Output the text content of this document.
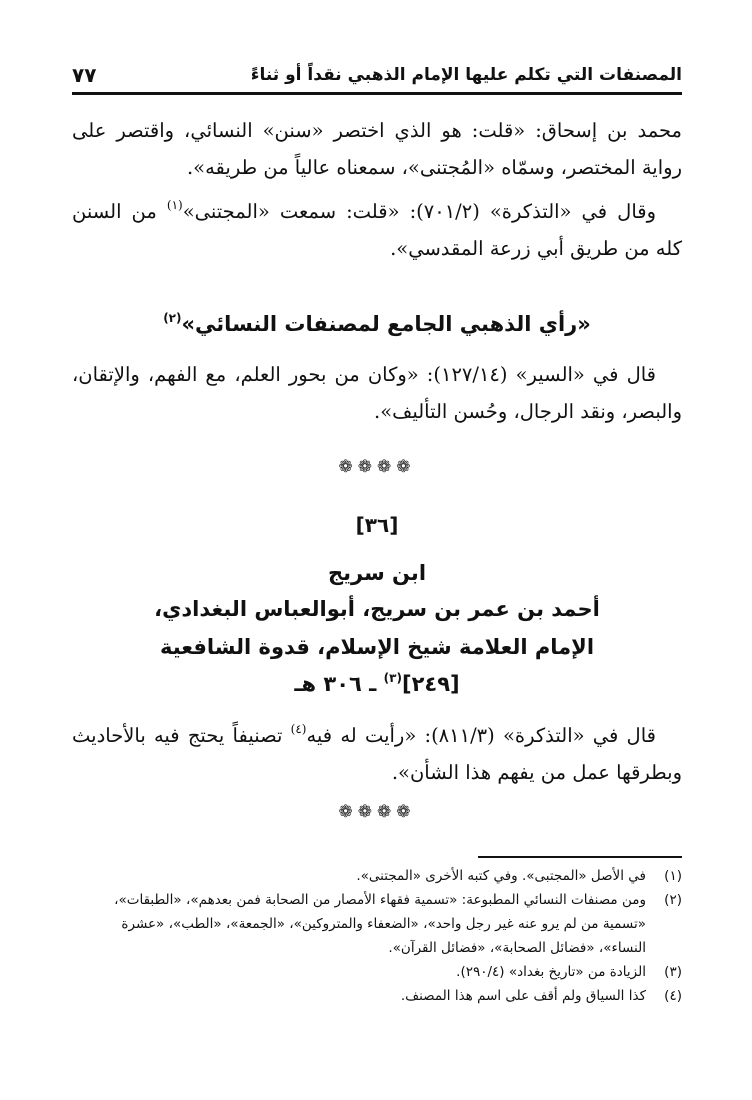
المصنفات التي تكلم عليها الإمام الذهبي نقداً أو ثناءً
٧٧
محمد بن إسحاق: «قلت: هو الذي اختصر «سنن» النسائي، واقتصر على رواية المختصر، وسمّاه «المُجتنى»، سمعناه عالياً من طريقه».
وقال في «التذكرة» (٧٠١/٢): «قلت: سمعت «المجتنى»$^{(١)}$ من السنن كله من طريق أبي زرعة المقدسي».
«رأي الذهبي الجامع لمصنفات النسائي»$^{(٢)}$
قال في «السير» (١٢٧/١٤): «وكان من بحور العلم، مع الفهم، والإتقان، والبصر، ونقد الرجال، وحُسن التأليف».
❁❁❁❁
[٣٦]
ابن سريج
أحمد بن عمر بن سريج، أبوالعباس البغدادي،
الإمام العلامة شيخ الإسلام، قدوة الشافعية
[٢٤٩]$^{(٣)}$ ـ ٣٠٦ هـ
قال في «التذكرة» (٨١١/٣): «رأيت له فيه$^{(٤)}$ تصنيفاً يحتج فيه بالأحاديث وبطرقها عمل من يفهم هذا الشأن».
❁❁❁❁
(١)
في الأصل «المجتبى». وفي كتبه الأخرى «المجتنى».
(٢)
ومن مصنفات النسائي المطبوعة: «تسمية فقهاء الأمصار من الصحابة فمن بعدهم»، «الطبقات»، «تسمية من لم يرو عنه غير رجل واحد»، «الضعفاء والمتروكين»، «الجمعة»، «الطب»، «عشرة النساء»، «فضائل الصحابة»، «فضائل القرآن».
(٣)
الزيادة من «تاريخ بغداد» (٢٩٠/٤).
(٤)
كذا السياق ولم أقف على اسم هذا المصنف.
